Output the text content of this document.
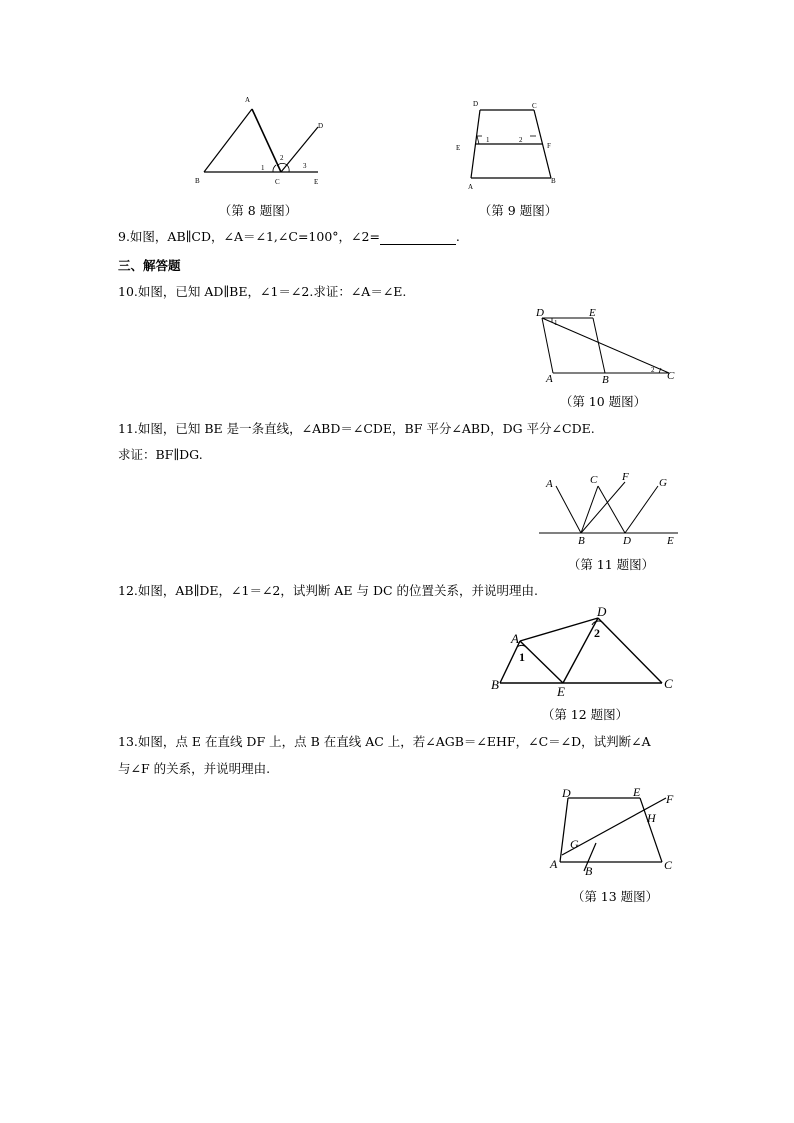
A
B	C
D
E
1
2
3
（第 8 题图）
D	C
E	F
A
B
1	2
（第 9 题图）
9.如图，AB∥CD，∠A＝∠1,∠C=100°，∠2=	.
三、解答题
10.如图，已知 AD∥BE，∠1＝∠2.求证：∠A＝∠E.
D	E
A	B	C
1
2
（第 10 题图）
11.如图，已知 BE 是一条直线，∠ABD＝∠CDE，BF 平分∠ABD，DG 平分∠CDE.
求证：BF∥DG.
A	C F	G
B	D	E
（第 11 题图）
12.如图，AB∥DE，∠1＝∠2，试判断 AE 与 DC 的位置关系，并说明理由.
A
B	C
D
E
1
2
（第 12 题图）
13.如图，点 E 在直线 DF 上，点 B 在直线 AC 上，若∠AGB＝∠EHF，∠C＝∠D，试判断∠A
与∠F 的关系，并说明理由.
D	E F
H
G
A B	C
（第 13 题图）
